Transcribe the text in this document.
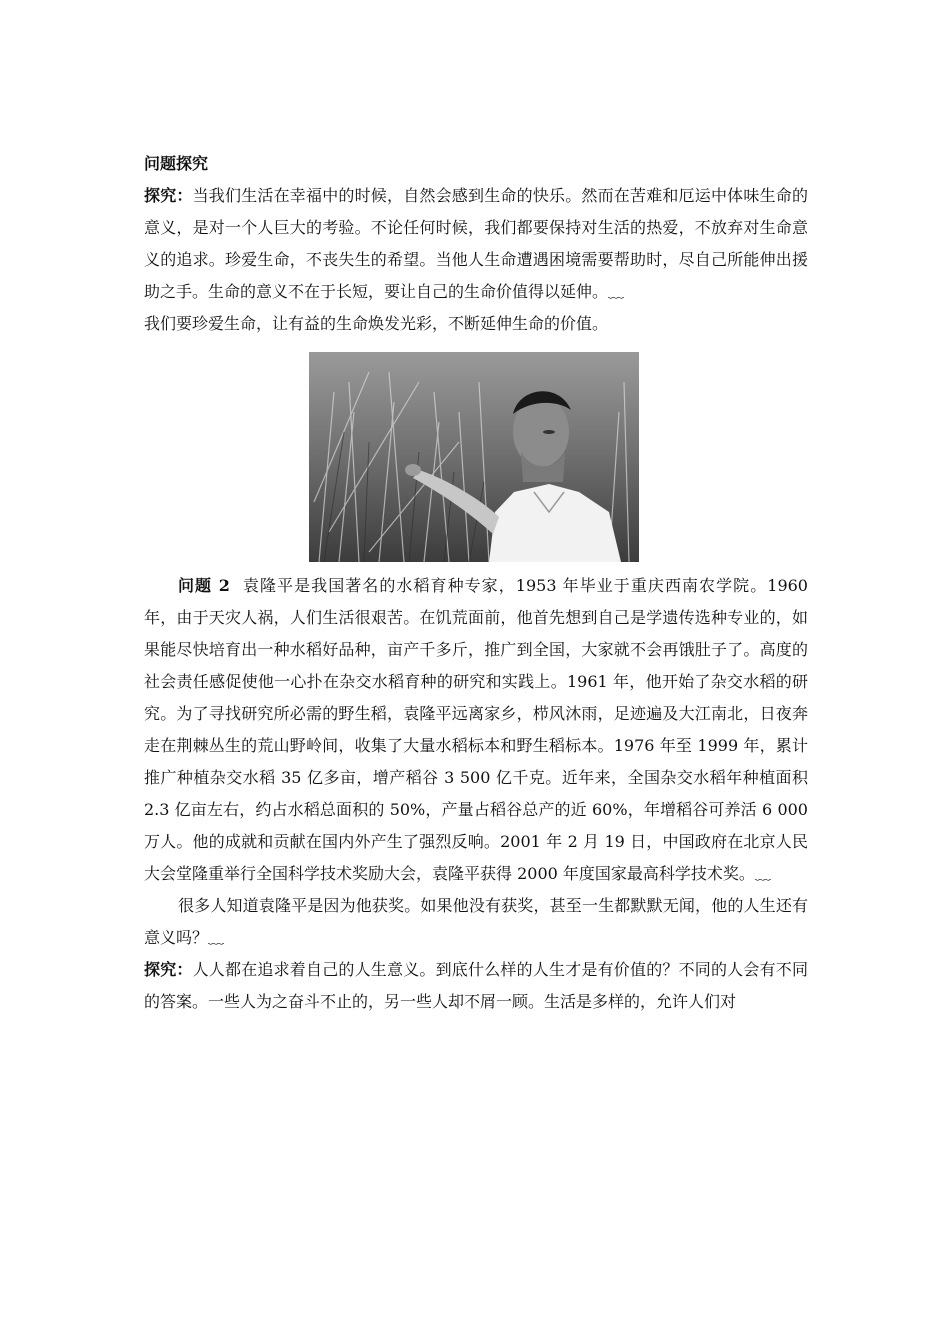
问题探究

探究：当我们生活在幸福中的时候，自然会感到生命的快乐。然而在苦难和厄运中体味生命的意义，是对一个人巨大的考验。不论任何时候，我们都要保持对生活的热爱，不放弃对生命意义的追求。珍爱生命，不丧失生的希望。当他人生命遭遇困境需要帮助时，尽自己所能伸出援助之手。生命的意义不在于长短，要让自己的生命价值得以延伸。﹏

我们要珍爱生命，让有益的生命焕发光彩，不断延伸生命的价值。

问题 2 袁隆平是我国著名的水稻育种专家，1953 年毕业于重庆西南农学院。1960 年，由于天灾人祸，人们生活很艰苦。在饥荒面前，他首先想到自己是学遗传选种专业的，如果能尽快培育出一种水稻好品种，亩产千多斤，推广到全国，大家就不会再饿肚子了。高度的社会责任感促使他一心扑在杂交水稻育种的研究和实践上。1961 年，他开始了杂交水稻的研究。为了寻找研究所必需的野生稻，袁隆平远离家乡，栉风沐雨，足迹遍及大江南北，日夜奔走在荆棘丛生的荒山野岭间，收集了大量水稻标本和野生稻标本。1976 年至 1999 年，累计推广种植杂交水稻 35 亿多亩，增产稻谷 3 500 亿千克。近年来，全国杂交水稻年种植面积 2.3 亿亩左右，约占水稻总面积的 50%，产量占稻谷总产的近 60%，年增稻谷可养活 6 000 万人。他的成就和贡献在国内外产生了强烈反响。2001 年 2 月 19 日，中国政府在北京人民大会堂隆重举行全国科学技术奖励大会，袁隆平获得 2000 年度国家最高科学技术奖。﹏

很多人知道袁隆平是因为他获奖。如果他没有获奖，甚至一生都默默无闻，他的人生还有意义吗？﹏

探究：人人都在追求着自己的人生意义。到底什么样的人生才是有价值的？不同的人会有不同的答案。一些人为之奋斗不止的，另一些人却不屑一顾。生活是多样的，允许人们对
